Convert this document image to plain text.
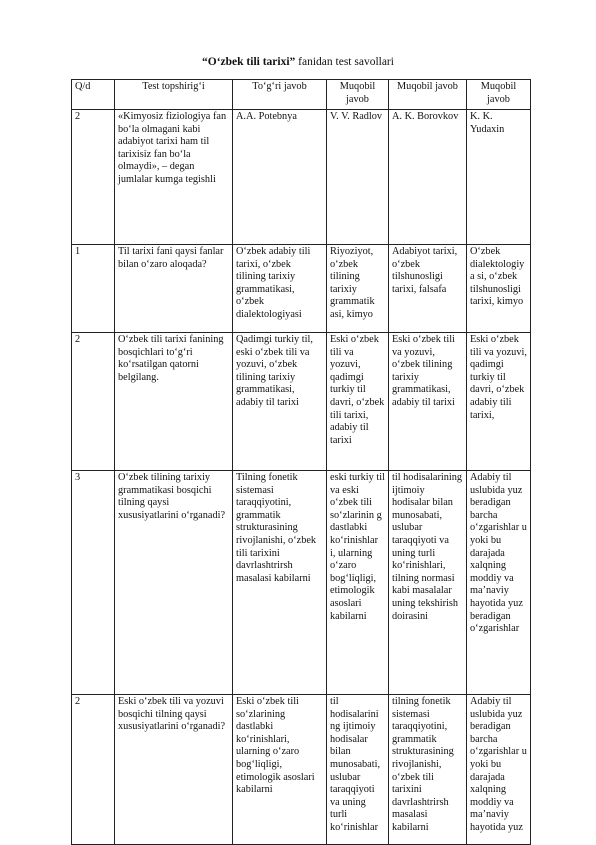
“O‘zbek tili tarixi” fanidan test savollari
Q/d	Test topshirig‘i	To‘g‘ri javob	Muqobil javob	Muqobil javob	Muqobil javob
2	«Kimyosiz fiziologiya fan bo‘la olmagani kabi adabiyot tarixi ham til tarixisiz fan bo‘la olmaydi», – degan jumlalar kumga tegishli	A.A. Potebnya	V. V. Radlov	A. K. Borovkov	K. K. Yudaxin
1	Til tarixi fani qaysi fanlar bilan o‘zaro aloqada?	O‘zbek adabiy tili tarixi, o‘zbek tilining tarixiy grammatikasi, o‘zbek dialektologiyasi	Riyoziyot, o‘zbek tilining tarixiy grammatik asi, kimyo	Adabiyot tarixi, o‘zbek tilshunosligi tarixi, falsafa	O‘zbek dialektologiya si, o‘zbek tilshunosligi tarixi, kimyo
2	O‘zbek tili tarixi fanining bosqichlari to‘g‘ri ko‘rsatilgan qatorni belgilang.	Qadimgi turkiy til, eski o‘zbek tili va yozuvi, o‘zbek tilining tarixiy grammatikasi, adabiy til tarixi	Eski o‘zbek tili va yozuvi, qadimgi turkiy til davri, o‘zbek tili tarixi, adabiy til tarixi	Eski o‘zbek tili va yozuvi, o‘zbek tilining tarixiy grammatikasi, adabiy til tarixi	Eski o‘zbek tili va yozuvi, qadimgi turkiy til davri, o‘zbek adabiy tili tarixi,
3	O‘zbek tilining tarixiy grammatikasi bosqichi tilning qaysi xususiyatlarini o‘rganadi?	Tilning fonetik sistemasi taraqqiyotini, grammatik strukturasining rivojlanishi, o‘zbek tili tarixini davrlashtrirsh masalasi kabilarni	eski turkiy til va eski o‘zbek tili so‘zlarinin g dastlabki ko‘rinishlar i, ularning o‘zaro bog‘liqligi, etimologik asoslari kabilarni	til hodisalarining ijtimoiy hodisalar bilan munosabati, uslubar taraqqiyoti va uning turli ko‘rinishlari, tilning normasi kabi masalalar uning tekshirish doirasini	Adabiy til uslubida yuz beradigan barcha o‘zgarishlar u yoki bu darajada xalqning moddiy va ma’naviy hayotida yuz beradigan o‘zgarishlar
2	Eski o‘zbek tili va yozuvi bosqichi tilning qaysi xususiyatlarini o‘rganadi?	Eski o‘zbek tili so‘zlarining dastlabki ko‘rinishlari, ularning o‘zaro bog‘liqligi, etimologik asoslari kabilarni	til hodisalarini ng ijtimoiy hodisalar bilan munosabati, uslubar taraqqiyoti va uning turli ko‘rinishlar	tilning fonetik sistemasi taraqqiyotini, grammatik strukturasining rivojlanishi, o‘zbek tili tarixini davrlashtrirsh masalasi kabilarni	Adabiy til uslubida yuz beradigan barcha o‘zgarishlar u yoki bu darajada xalqning moddiy va ma’naviy hayotida yuz
